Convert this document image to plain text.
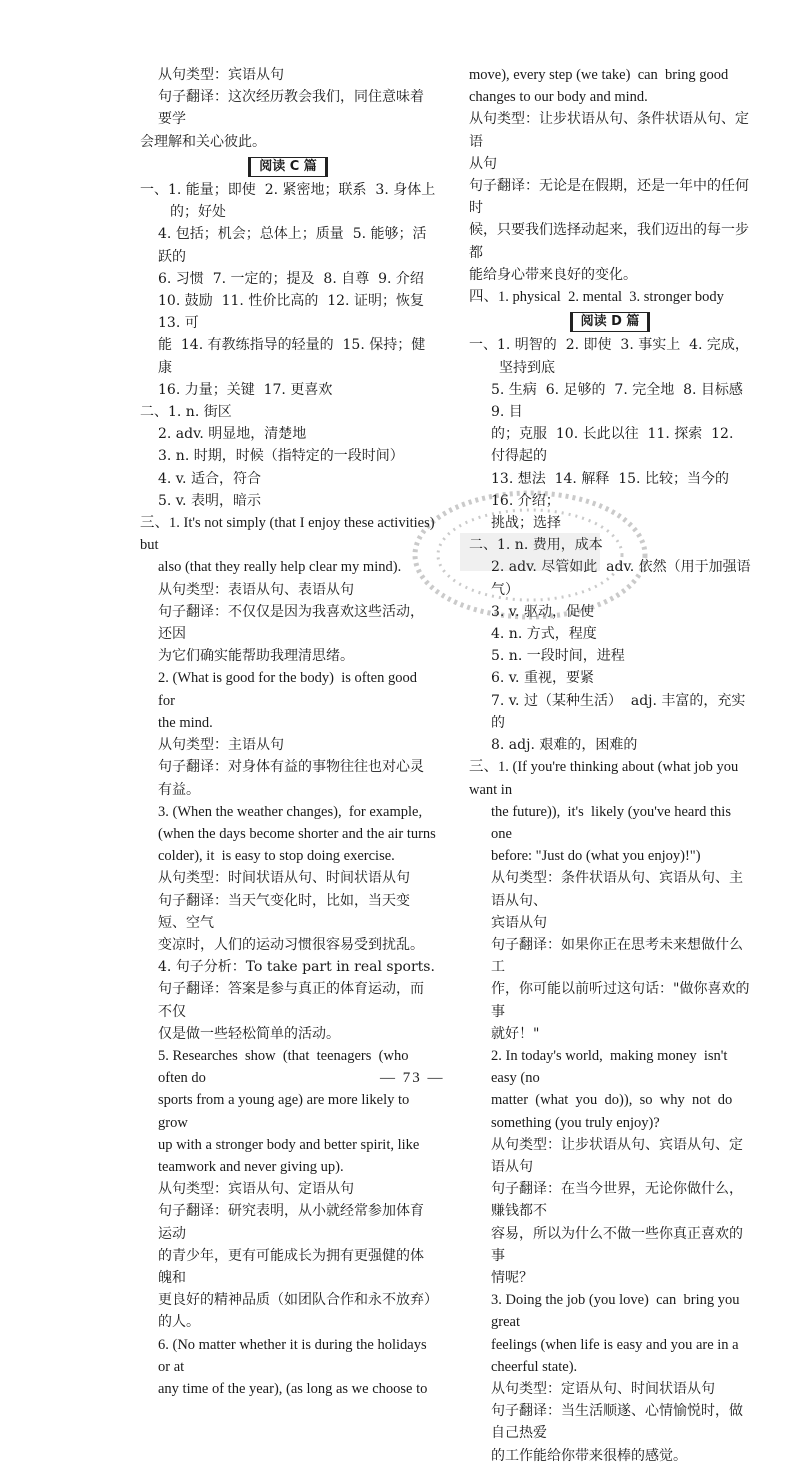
从句类型：宾语从句
句子翻译：这次经历教会我们，同住意味着要学
会理解和关心彼此。
阅读 C 篇
一、1. 能量；即使  2. 紧密地；联系  3. 身体上的；好处
4. 包括；机会；总体上；质量  5. 能够；活跃的
6. 习惯  7. 一定的；提及  8. 自尊  9. 介绍
10. 鼓励  11. 性价比高的  12. 证明；恢复  13. 可
能  14. 有教练指导的轻量的  15. 保持；健康
16. 力量；关键  17. 更喜欢
二、1. n. 街区
2. adv. 明显地，清楚地
3. n. 时期，时候（指特定的一段时间）
4. v. 适合，符合
5. v. 表明，暗示
三、1. It's not simply (that I enjoy these activities) but
also (that they really help clear my mind).
从句类型：表语从句、表语从句
句子翻译：不仅仅是因为我喜欢这些活动，还因
为它们确实能帮助我理清思绪。
2. (What is good for the body)  is often good for
the mind.
从句类型：主语从句
句子翻译：对身体有益的事物往往也对心灵
有益。
3. (When the weather changes),  for example,
(when the days become shorter and the air turns
colder), it  is easy to stop doing exercise.
从句类型：时间状语从句、时间状语从句
句子翻译：当天气变化时，比如，当天变短、空气
变凉时，人们的运动习惯很容易受到扰乱。
4. 句子分析：To take part in real sports.
句子翻译：答案是参与真正的体育运动，而不仅
仅是做一些轻松简单的活动。
5. Researches  show  (that  teenagers  (who often do
sports from a young age) are more likely to grow
up with a stronger body and better spirit, like
teamwork and never giving up).
从句类型：宾语从句、定语从句
句子翻译：研究表明，从小就经常参加体育运动
的青少年，更有可能成长为拥有更强健的体魄和
更良好的精神品质（如团队合作和永不放弃）
的人。
6. (No matter whether it is during the holidays or at
any time of the year), (as long as we choose to
move), every step (we take)  can  bring good
changes to our body and mind.
从句类型：让步状语从句、条件状语从句、定语
从句
句子翻译：无论是在假期，还是一年中的任何时
候，只要我们选择动起来，我们迈出的每一步都
能给身心带来良好的变化。
四、1. physical  2. mental  3. stronger body
阅读 D 篇
一、1. 明智的  2. 即使  3. 事实上  4. 完成，坚持到底
5. 生病  6. 足够的  7. 完全地  8. 目标感  9. 目
的；克服  10. 长此以往  11. 探索  12. 付得起的
13. 想法  14. 解释  15. 比较；当今的  16. 介绍；
挑战；选择
二、1. n. 费用，成本
2. adv. 尽管如此  adv. 依然（用于加强语气）
3. v. 驱动，促使
4. n. 方式，程度
5. n. 一段时间，进程
6. v. 重视，要紧
7. v. 过（某种生活）  adj. 丰富的，充实的
8. adj. 艰难的，困难的
三、1. (If you're thinking about (what job you want in
the future)),  it's  likely (you've heard this one
before: "Just do (what you enjoy)!")
从句类型：条件状语从句、宾语从句、主语从句、
宾语从句
句子翻译：如果你正在思考未来想做什么工
作，你可能以前听过这句话："做你喜欢的事
就好！"
2. In today's world,  making money  isn't easy (no
matter  (what  you  do)),  so  why  not  do
something (you truly enjoy)?
从句类型：让步状语从句、宾语从句、定语从句
句子翻译：在当今世界，无论你做什么，赚钱都不
容易，所以为什么不做一些你真正喜欢的事
情呢？
3. Doing the job (you love)  can  bring you great
feelings (when life is easy and you are in a
cheerful state).
从句类型：定语从句、时间状语从句
句子翻译：当生活顺遂、心情愉悦时，做自己热爱
的工作能给你带来很棒的感觉。
— 73 —
